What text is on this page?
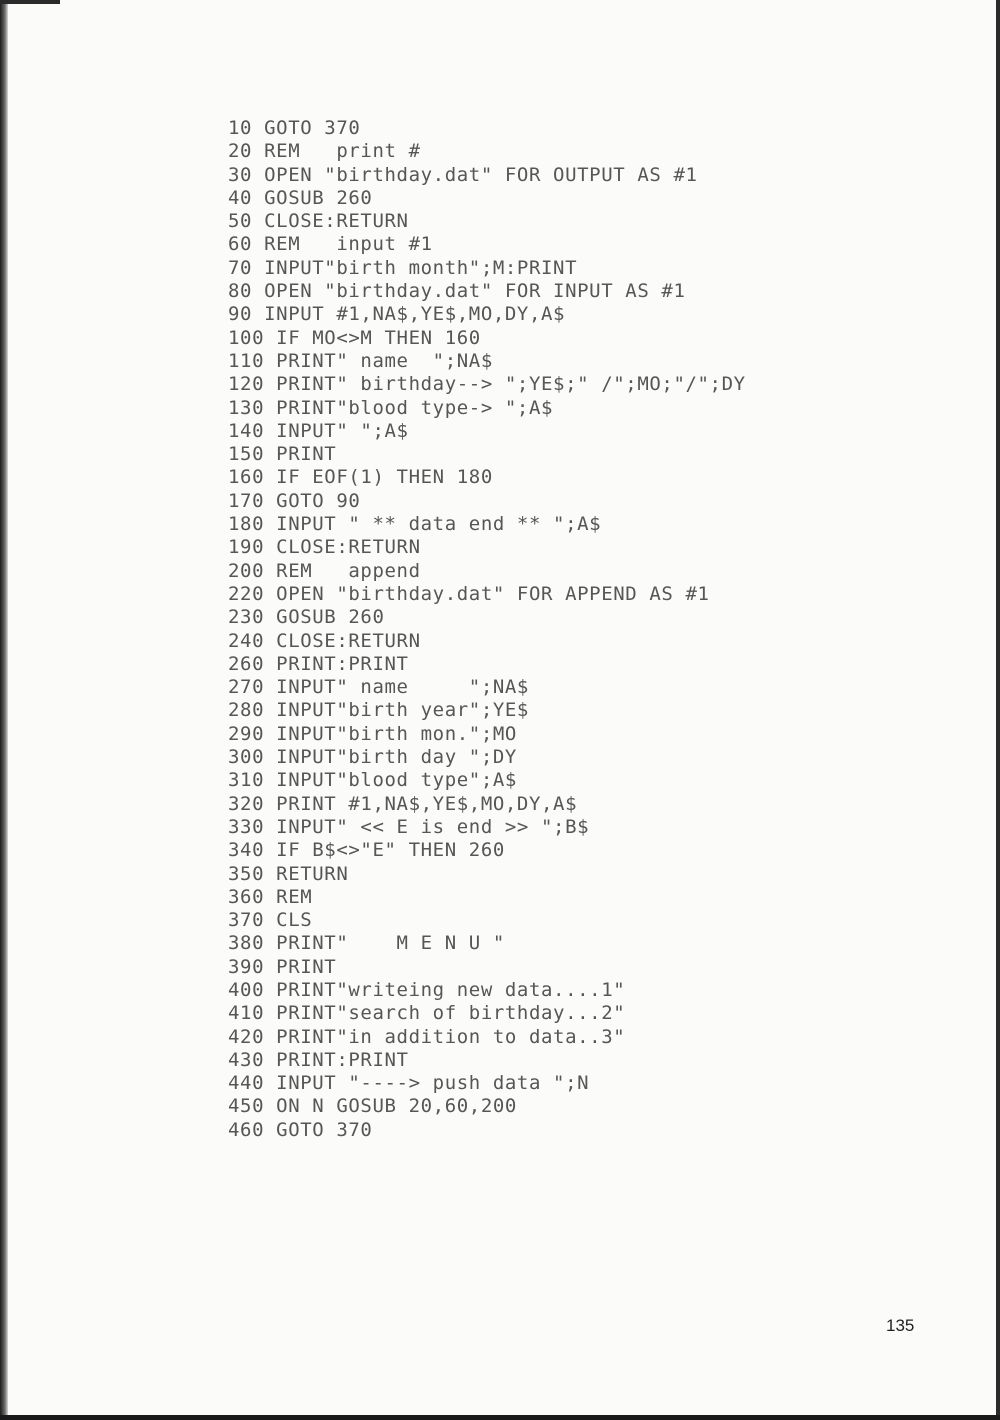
10 GOTO 370
20 REM   print #
30 OPEN "birthday.dat" FOR OUTPUT AS #1
40 GOSUB 260
50 CLOSE:RETURN
60 REM   input #1
70 INPUT"birth month";M:PRINT
80 OPEN "birthday.dat" FOR INPUT AS #1
90 INPUT #1,NA$,YE$,MO,DY,A$
100 IF MO<>M THEN 160
110 PRINT" name  ";NA$
120 PRINT" birthday--> ";YE$;" /";MO;"/";DY
130 PRINT"blood type-> ";A$
140 INPUT" ";A$
150 PRINT
160 IF EOF(1) THEN 180
170 GOTO 90
180 INPUT " ** data end ** ";A$
190 CLOSE:RETURN
200 REM   append
220 OPEN "birthday.dat" FOR APPEND AS #1
230 GOSUB 260
240 CLOSE:RETURN
260 PRINT:PRINT
270 INPUT" name     ";NA$
280 INPUT"birth year";YE$
290 INPUT"birth mon.";MO
300 INPUT"birth day ";DY
310 INPUT"blood type";A$
320 PRINT #1,NA$,YE$,MO,DY,A$
330 INPUT" << E is end >> ";B$
340 IF B$<>"E" THEN 260
350 RETURN
360 REM
370 CLS
380 PRINT"    M E N U "
390 PRINT
400 PRINT"writeing new data....1"
410 PRINT"search of birthday...2"
420 PRINT"in addition to data..3"
430 PRINT:PRINT
440 INPUT "----> push data ";N
450 ON N GOSUB 20,60,200
460 GOTO 370
135
